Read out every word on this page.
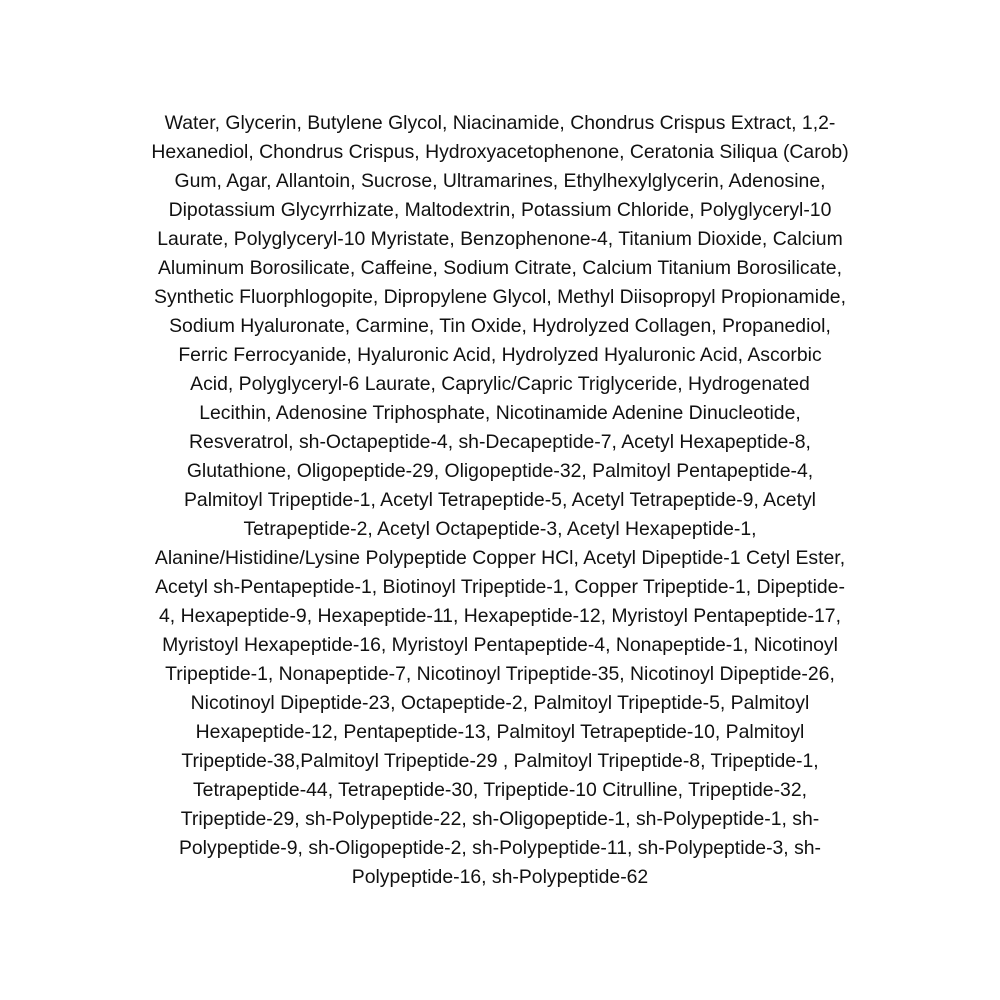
Water, Glycerin, Butylene Glycol, Niacinamide, Chondrus Crispus Extract, 1,2-
Hexanediol, Chondrus Crispus, Hydroxyacetophenone, Ceratonia Siliqua (Carob)
Gum, Agar, Allantoin, Sucrose, Ultramarines, Ethylhexylglycerin, Adenosine,
Dipotassium Glycyrrhizate, Maltodextrin, Potassium Chloride, Polyglyceryl-10
Laurate, Polyglyceryl-10 Myristate, Benzophenone-4, Titanium Dioxide, Calcium
Aluminum Borosilicate, Caffeine, Sodium Citrate, Calcium Titanium Borosilicate,
Synthetic Fluorphlogopite, Dipropylene Glycol, Methyl Diisopropyl Propionamide,
Sodium Hyaluronate, Carmine, Tin Oxide, Hydrolyzed Collagen, Propanediol,
Ferric Ferrocyanide, Hyaluronic Acid, Hydrolyzed Hyaluronic Acid, Ascorbic
Acid, Polyglyceryl-6 Laurate, Caprylic/Capric Triglyceride, Hydrogenated
Lecithin, Adenosine Triphosphate, Nicotinamide Adenine Dinucleotide,
Resveratrol, sh-Octapeptide-4, sh-Decapeptide-7, Acetyl Hexapeptide-8,
Glutathione, Oligopeptide-29, Oligopeptide-32, Palmitoyl Pentapeptide-4,
Palmitoyl Tripeptide-1, Acetyl Tetrapeptide-5, Acetyl Tetrapeptide-9, Acetyl
Tetrapeptide-2, Acetyl Octapeptide-3, Acetyl Hexapeptide-1,
Alanine/Histidine/Lysine Polypeptide Copper HCl, Acetyl Dipeptide-1 Cetyl Ester,
Acetyl sh-Pentapeptide-1, Biotinoyl Tripeptide-1, Copper Tripeptide-1, Dipeptide-
4, Hexapeptide-9, Hexapeptide-11, Hexapeptide-12, Myristoyl Pentapeptide-17,
Myristoyl Hexapeptide-16, Myristoyl Pentapeptide-4, Nonapeptide-1, Nicotinoyl
Tripeptide-1, Nonapeptide-7, Nicotinoyl Tripeptide-35, Nicotinoyl Dipeptide-26,
Nicotinoyl Dipeptide-23, Octapeptide-2, Palmitoyl Tripeptide-5, Palmitoyl
Hexapeptide-12, Pentapeptide-13, Palmitoyl Tetrapeptide-10, Palmitoyl
Tripeptide-38,Palmitoyl Tripeptide-29 , Palmitoyl Tripeptide-8, Tripeptide-1,
Tetrapeptide-44, Tetrapeptide-30, Tripeptide-10 Citrulline, Tripeptide-32,
Tripeptide-29, sh-Polypeptide-22, sh-Oligopeptide-1, sh-Polypeptide-1, sh-
Polypeptide-9, sh-Oligopeptide-2, sh-Polypeptide-11, sh-Polypeptide-3, sh-
Polypeptide-16, sh-Polypeptide-62
